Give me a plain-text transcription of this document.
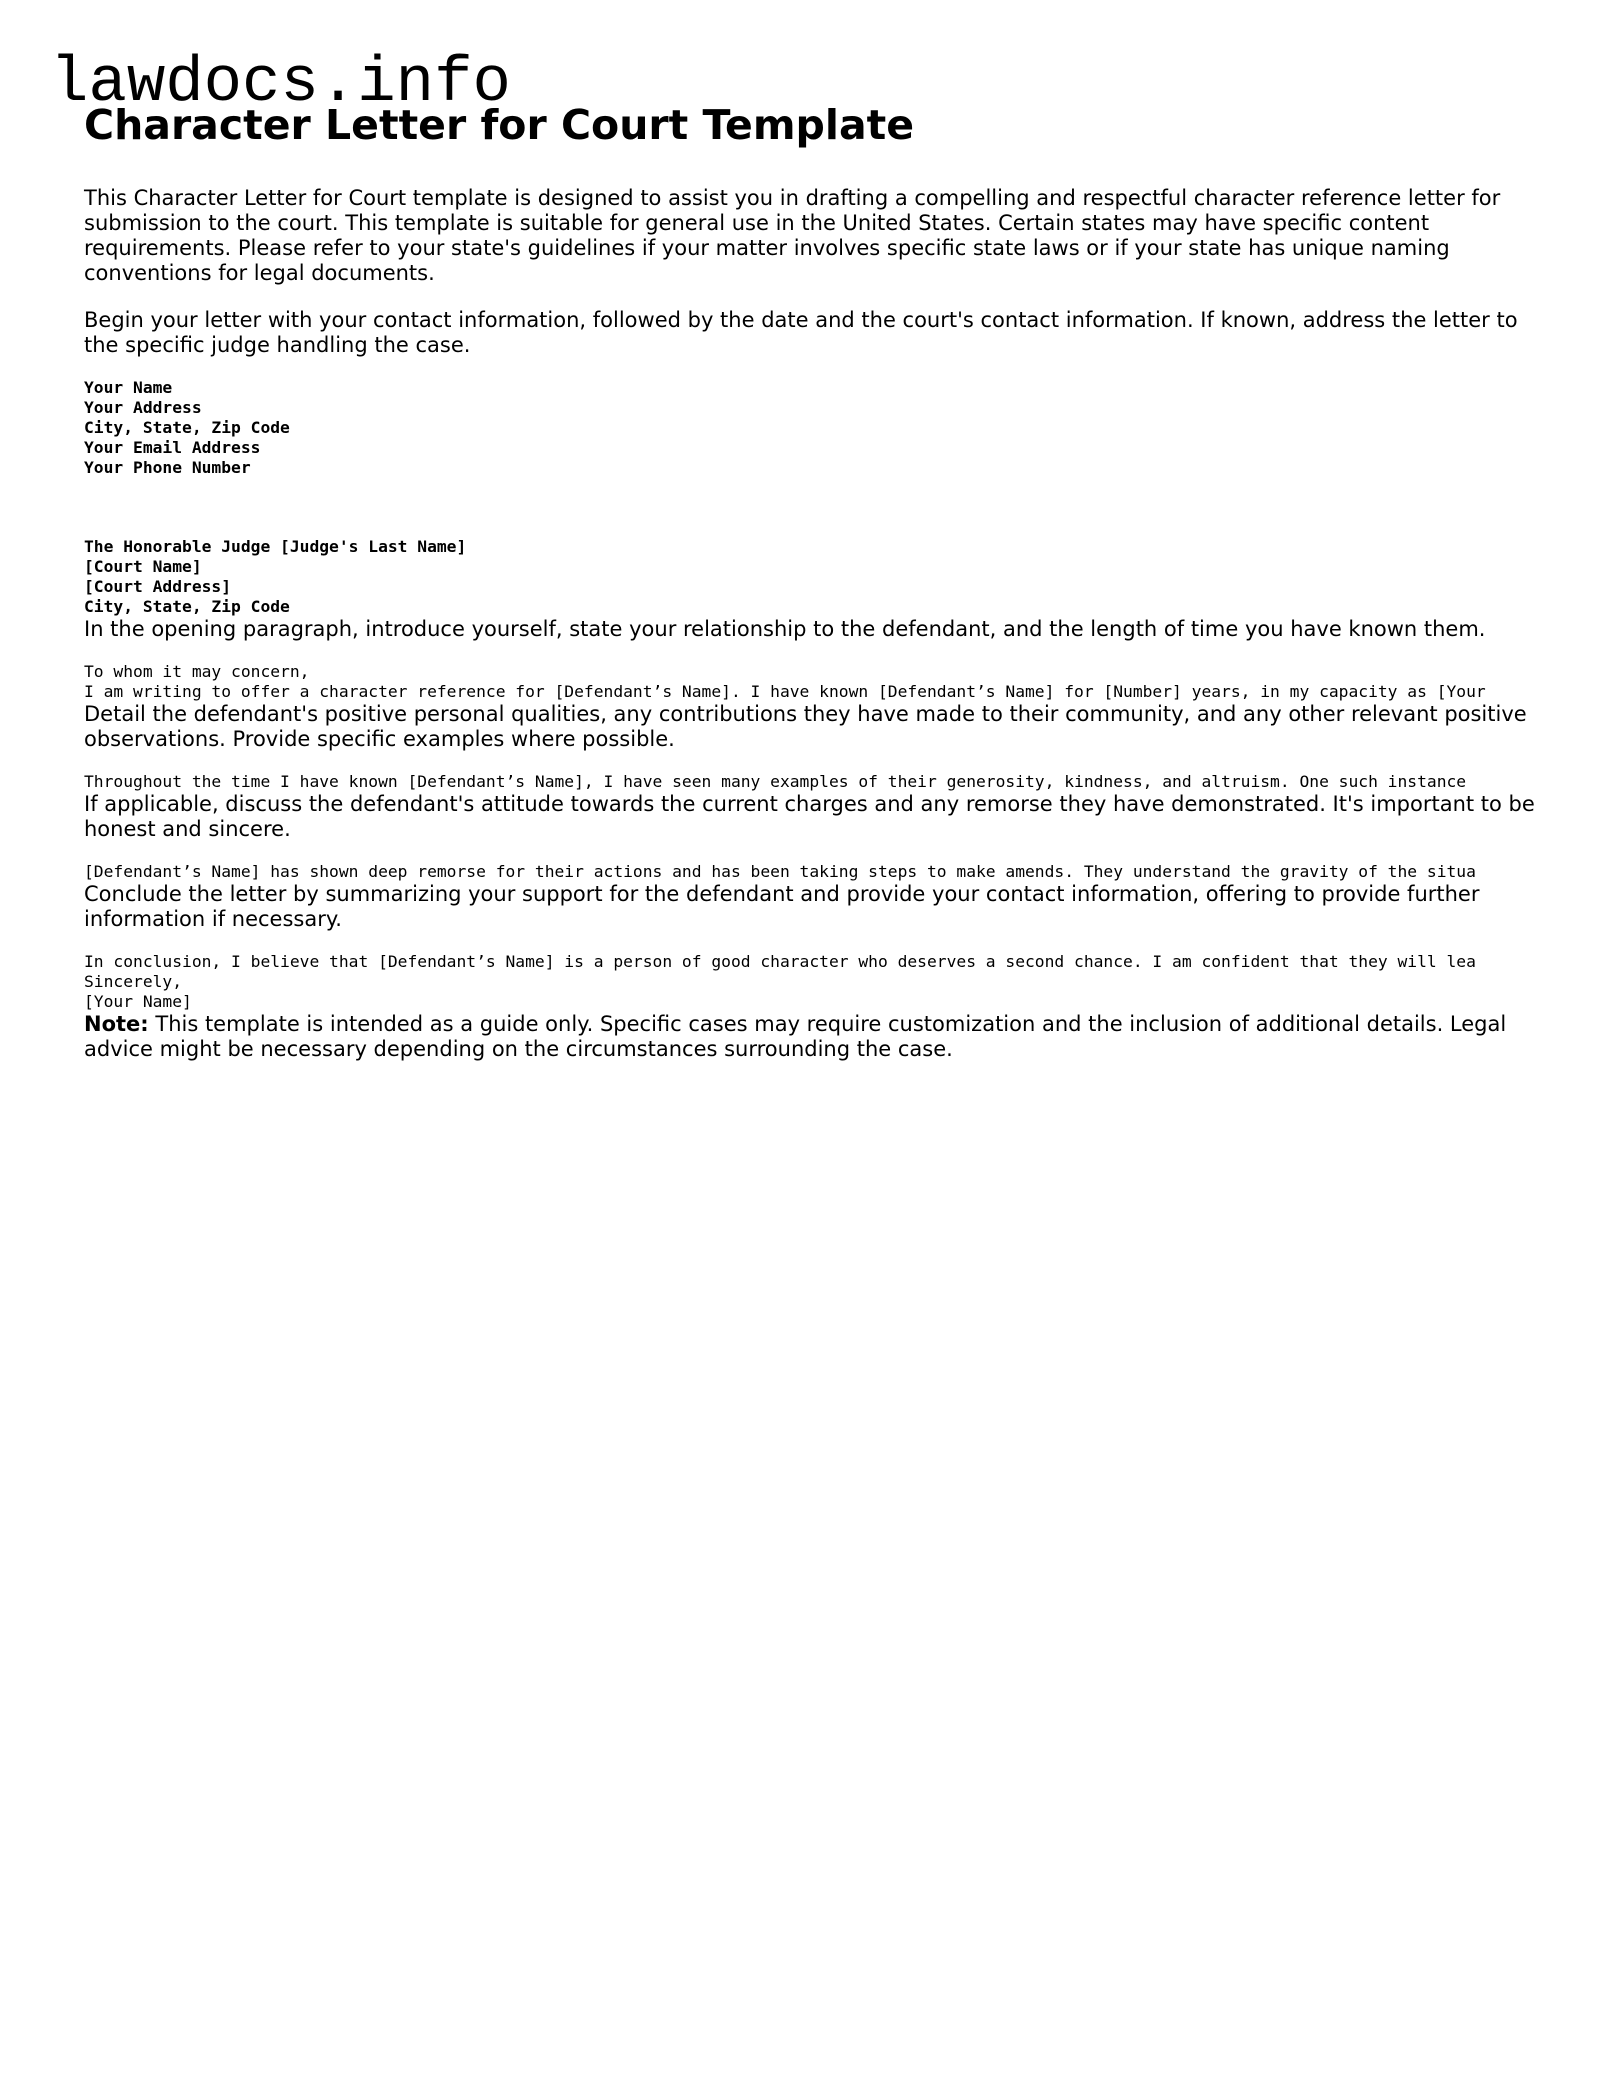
lawdocs.info
Character Letter for Court Template

This Character Letter for Court template is designed to assist you in drafting a compelling and respectful character reference letter for submission to the court. This template is suitable for general use in the United States. Certain states may have specific content requirements. Please refer to your state's guidelines if your matter involves specific state laws or if your state has unique naming conventions for legal documents.

Begin your letter with your contact information, followed by the date and the court's contact information. If known, address the letter to the specific judge handling the case.

Your Name
Your Address
City, State, Zip Code
Your Email Address
Your Phone Number
The Honorable Judge [Judge's Last Name]
[Court Name]
[Court Address]
City, State, Zip Code

In the opening paragraph, introduce yourself, state your relationship to the defendant, and the length of time you have known them.

To whom it may concern,
I am writing to offer a character reference for [Defendant’s Name]. I have known [Defendant’s Name] for [Number] years, in my capacity as [Your

Detail the defendant's positive personal qualities, any contributions they have made to their community, and any other relevant positive observations. Provide specific examples where possible.

Throughout the time I have known [Defendant’s Name], I have seen many examples of their generosity, kindness, and altruism. One such instance

If applicable, discuss the defendant's attitude towards the current charges and any remorse they have demonstrated. It's important to be honest and sincere.

[Defendant’s Name] has shown deep remorse for their actions and has been taking steps to make amends. They understand the gravity of the situa

Conclude the letter by summarizing your support for the defendant and provide your contact information, offering to provide further information if necessary.

In conclusion, I believe that [Defendant’s Name] is a person of good character who deserves a second chance. I am confident that they will lea
Sincerely,
[Your Name]

Note: This template is intended as a guide only. Specific cases may require customization and the inclusion of additional details. Legal advice might be necessary depending on the circumstances surrounding the case.
